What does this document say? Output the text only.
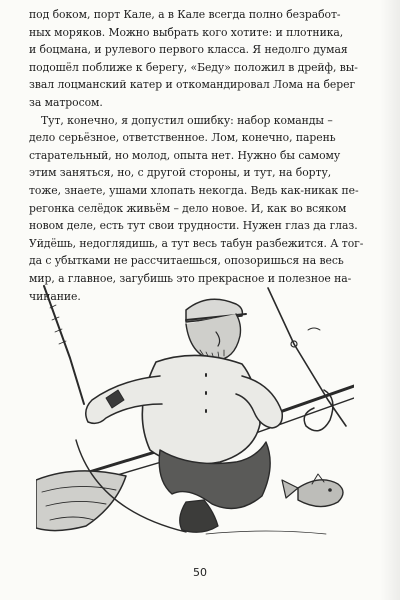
под боком, порт Кале, а в Кале всегда полно безработ-
ных моряков. Можно выбрать кого хотите: и плотника,
и боцмана, и рулевого первого класса. Я недолго думая
подошёл поближе к берегу, «Беду» положил в дрейф, вы-
звал лоцманский катер и откомандировал Лома на берег
за матросом.
Тут, конечно, я допустил ошибку: набор команды –
дело серьёзное, ответственное. Лом, конечно, парень
старательный, но молод, опыта нет. Нужно бы самому
этим заняться, но, с другой стороны, и тут, на борту,
тоже, знаете, ушами хлопать некогда. Ведь как-никак пе-
регонка селёдок живьём – дело новое. И, как во всяком
новом деле, есть тут свои трудности. Нужен глаз да глаз.
Уйдёшь, недоглядишь, а тут весь табун разбежится. А тог-
да с убытками не рассчитаешься, опозоришься на весь
мир, а главное, загубишь это прекрасное и полезное на-
чинание.
50
